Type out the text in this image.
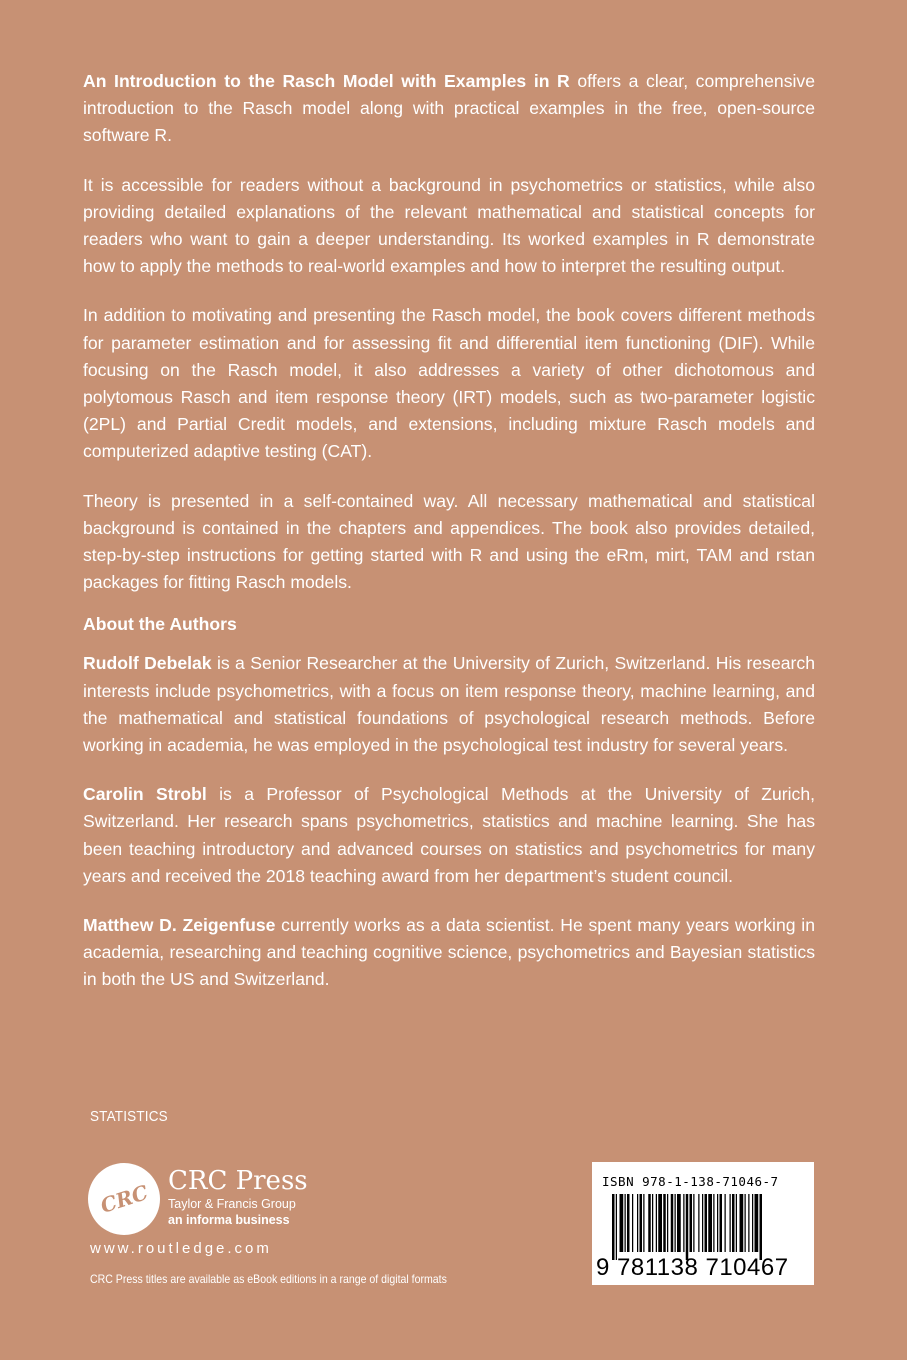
An Introduction to the Rasch Model with Examples in R offers a clear, comprehensive introduction to the Rasch model along with practical examples in the free, open-source software R.

It is accessible for readers without a background in psychometrics or statistics, while also providing detailed explanations of the relevant mathematical and statistical concepts for readers who want to gain a deeper understanding. Its worked examples in R demonstrate how to apply the methods to real-world examples and how to interpret the resulting output.

In addition to motivating and presenting the Rasch model, the book covers different methods for parameter estimation and for assessing fit and differential item functioning (DIF). While focusing on the Rasch model, it also addresses a variety of other dichotomous and polytomous Rasch and item response theory (IRT) models, such as two-parameter logistic (2PL) and Partial Credit models, and extensions, including mixture Rasch models and computerized adaptive testing (CAT).

Theory is presented in a self-contained way. All necessary mathematical and statistical background is contained in the chapters and appendices. The book also provides detailed, step-by-step instructions for getting started with R and using the eRm, mirt, TAM and rstan packages for fitting Rasch models.

About the Authors

Rudolf Debelak is a Senior Researcher at the University of Zurich, Switzerland. His research interests include psychometrics, with a focus on item response theory, machine learning, and the mathematical and statistical foundations of psychological research methods. Before working in academia, he was employed in the psychological test industry for several years.

Carolin Strobl is a Professor of Psychological Methods at the University of Zurich, Switzerland. Her research spans psychometrics, statistics and machine learning. She has been teaching introductory and advanced courses on statistics and psychometrics for many years and received the 2018 teaching award from her department’s student council.

Matthew D. Zeigenfuse currently works as a data scientist. He spent many years working in academia, researching and teaching cognitive science, psychometrics and Bayesian statistics in both the US and Switzerland.

STATISTICS
CRC CRC Press
Taylor & Francis Group
an informa business
www.routledge.com
CRC Press titles are available as eBook editions in a range of digital formats
ISBN 978-1-138-71046-7
9 781138 710467
